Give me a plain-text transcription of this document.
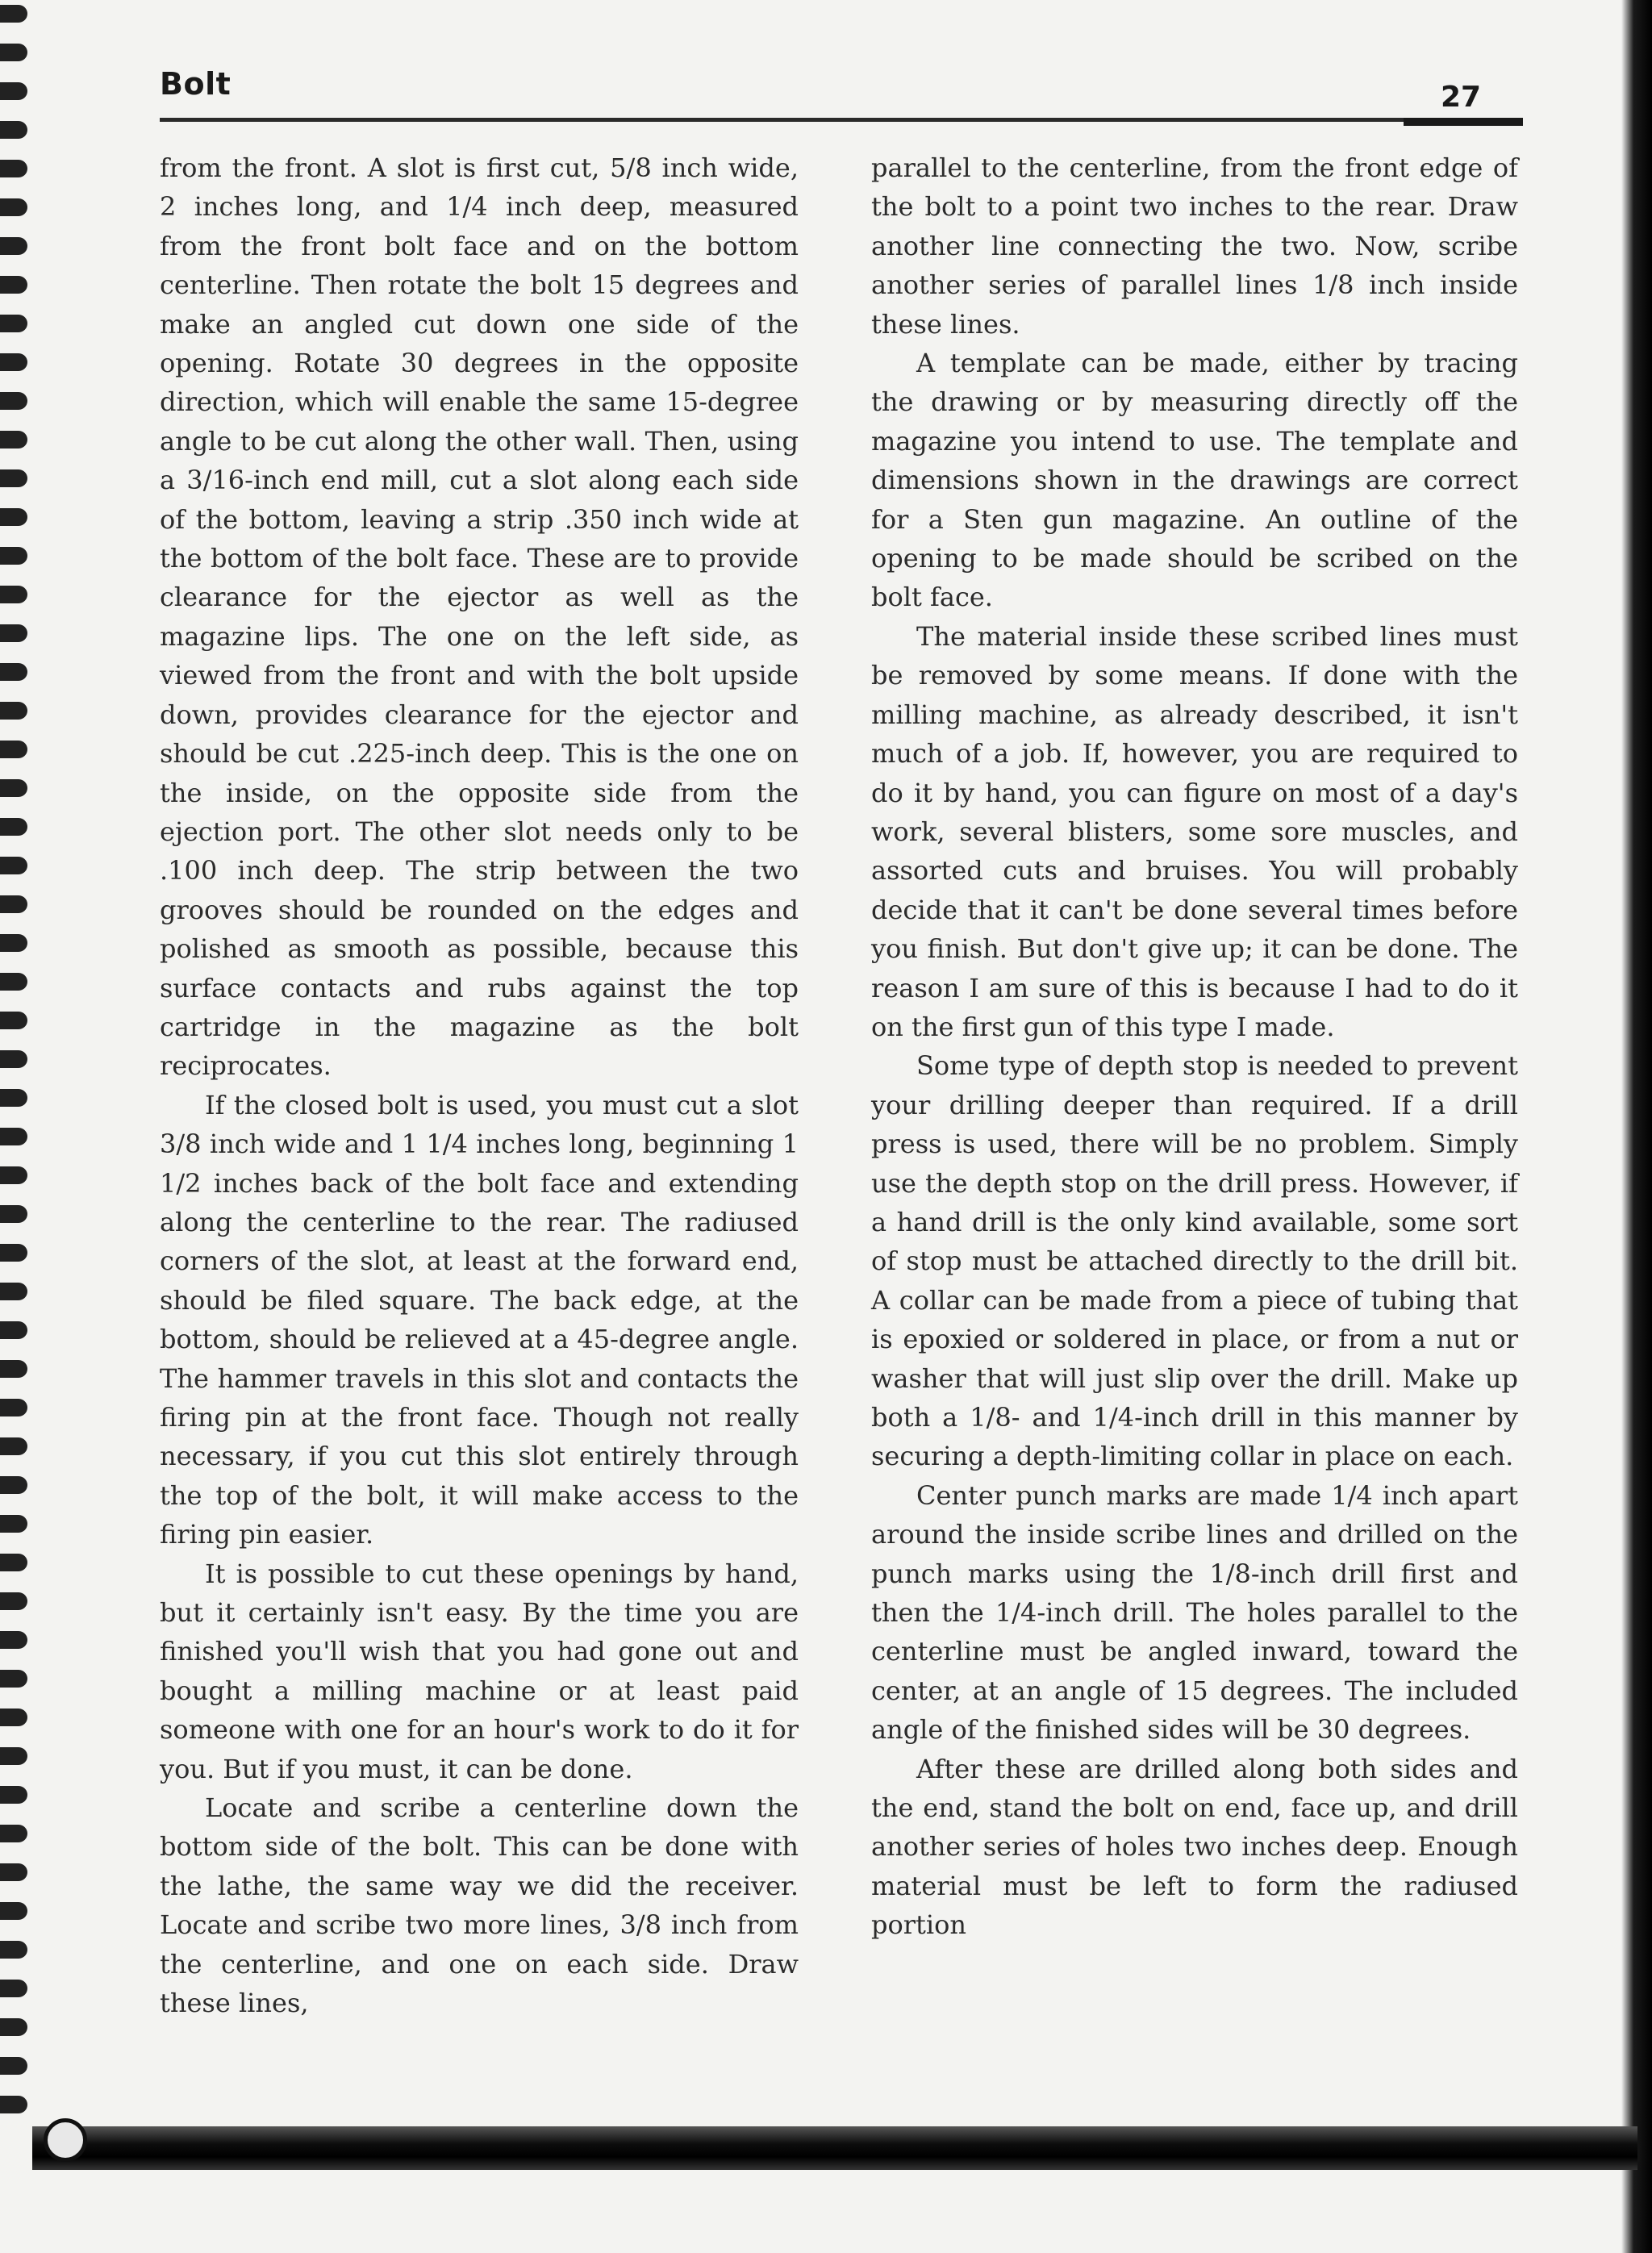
Bolt	27

from the front. A slot is first cut, 5/8 inch wide, 2 inches long, and 1/4 inch deep, measured from the front bolt face and on the bottom centerline. Then rotate the bolt 15 degrees and make an angled cut down one side of the opening. Rotate 30 degrees in the opposite direction, which will enable the same 15-degree angle to be cut along the other wall. Then, using a 3/16-inch end mill, cut a slot along each side of the bottom, leaving a strip .350 inch wide at the bottom of the bolt face. These are to provide clearance for the ejector as well as the magazine lips. The one on the left side, as viewed from the front and with the bolt upside down, provides clearance for the ejector and should be cut .225-inch deep. This is the one on the inside, on the opposite side from the ejection port. The other slot needs only to be .100 inch deep. The strip between the two grooves should be rounded on the edges and polished as smooth as possible, because this surface contacts and rubs against the top cartridge in the magazine as the bolt reciprocates.

If the closed bolt is used, you must cut a slot 3/8 inch wide and 1 1/4 inches long, beginning 1 1/2 inches back of the bolt face and extending along the centerline to the rear. The radiused corners of the slot, at least at the forward end, should be filed square. The back edge, at the bottom, should be relieved at a 45-degree angle. The hammer travels in this slot and contacts the firing pin at the front face. Though not really necessary, if you cut this slot entirely through the top of the bolt, it will make access to the firing pin easier.

It is possible to cut these openings by hand, but it certainly isn't easy. By the time you are finished you'll wish that you had gone out and bought a milling machine or at least paid someone with one for an hour's work to do it for you. But if you must, it can be done.

Locate and scribe a centerline down the bottom side of the bolt. This can be done with the lathe, the same way we did the receiver. Locate and scribe two more lines, 3/8 inch from the centerline, and one on each side. Draw these lines,

parallel to the centerline, from the front edge of the bolt to a point two inches to the rear. Draw another line connecting the two. Now, scribe another series of parallel lines 1/8 inch inside these lines.

A template can be made, either by tracing the drawing or by measuring directly off the magazine you intend to use. The template and dimensions shown in the drawings are correct for a Sten gun magazine. An outline of the opening to be made should be scribed on the bolt face.

The material inside these scribed lines must be removed by some means. If done with the milling machine, as already described, it isn't much of a job. If, however, you are required to do it by hand, you can figure on most of a day's work, several blisters, some sore muscles, and assorted cuts and bruises. You will probably decide that it can't be done several times before you finish. But don't give up; it can be done. The reason I am sure of this is because I had to do it on the first gun of this type I made.

Some type of depth stop is needed to prevent your drilling deeper than required. If a drill press is used, there will be no problem. Simply use the depth stop on the drill press. However, if a hand drill is the only kind available, some sort of stop must be attached directly to the drill bit. A collar can be made from a piece of tubing that is epoxied or soldered in place, or from a nut or washer that will just slip over the drill. Make up both a 1/8- and 1/4-inch drill in this manner by securing a depth-limiting collar in place on each.

Center punch marks are made 1/4 inch apart around the inside scribe lines and drilled on the punch marks using the 1/8-inch drill first and then the 1/4-inch drill. The holes parallel to the centerline must be angled inward, toward the center, at an angle of 15 degrees. The included angle of the finished sides will be 30 degrees.

After these are drilled along both sides and the end, stand the bolt on end, face up, and drill another series of holes two inches deep. Enough material must be left to form the radiused portion
